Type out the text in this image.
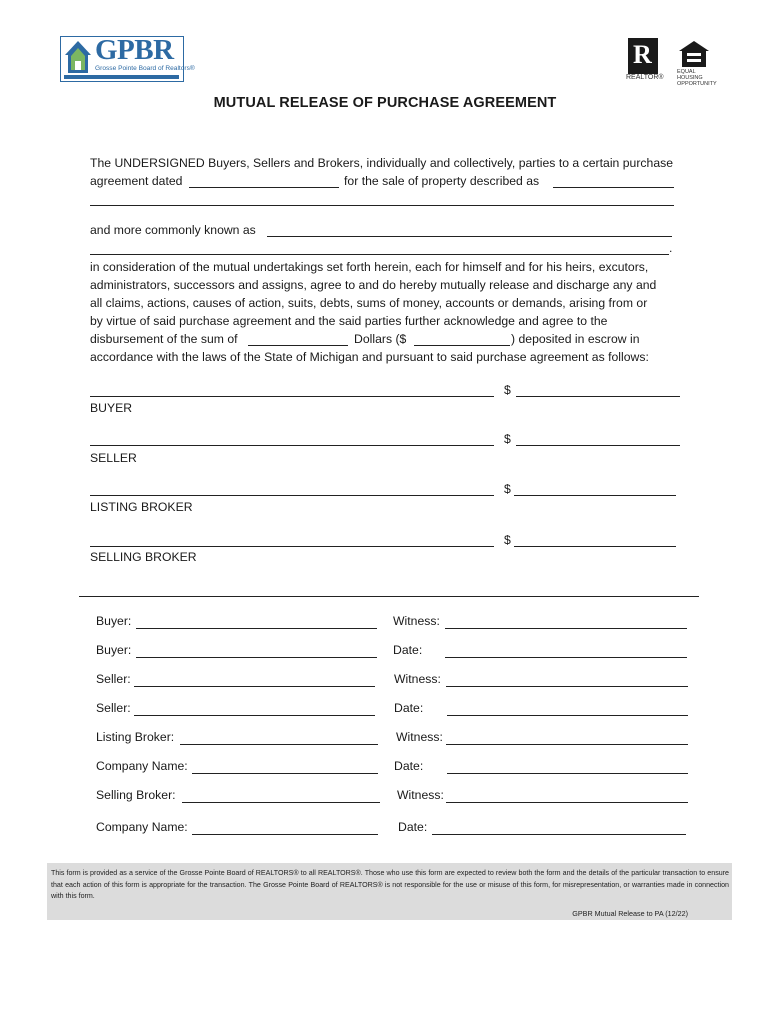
GPBR
Grosse Pointe Board of Realtors®	R
REALTOR®
EQUAL HOUSING OPPORTUNITY
MUTUAL RELEASE OF PURCHASE AGREEMENT
The UNDERSIGNED Buyers, Sellers and Brokers, individually and collectively, parties to a certain purchase
agreement dated	for the sale of property described as
and more commonly known as
.
in consideration of the mutual undertakings set forth herein, each for himself and for his heirs, excutors,
administrators, successors and assigns, agree to and do hereby mutually release and discharge any and
all claims, actions, causes of action, suits, debts, sums of money, accounts or demands, arising from or
by virtue of said purchase agreement and the said parties further acknowledge and agree to the
disbursement of the sum of	Dollars ($	) deposited in escrow in
accordance with the laws of the State of Michigan and pursuant to said purchase agreement as follows:
$
BUYER
$
SELLER
$
LISTING BROKER
$
SELLING BROKER
Buyer:	Witness:
Buyer:	Date:
Seller:	Witness:
Seller:	Date:
Listing Broker:	Witness:
Company Name:	Date:
Selling Broker:	Witness:
Company Name:	Date:
This form is provided as a service of the Grosse Pointe Board of REALTORS® to all REALTORS®. Those who use this form are expected to review both the form and the details of the particular transaction to ensure that each action of this form is appropriate for the transaction. The Grosse Pointe Board of REALTORS® is not responsible for the use or misuse of this form, for misrepresentation, or warranties made in connection with this form.
GPBR Mutual Release to PA (12/22)
